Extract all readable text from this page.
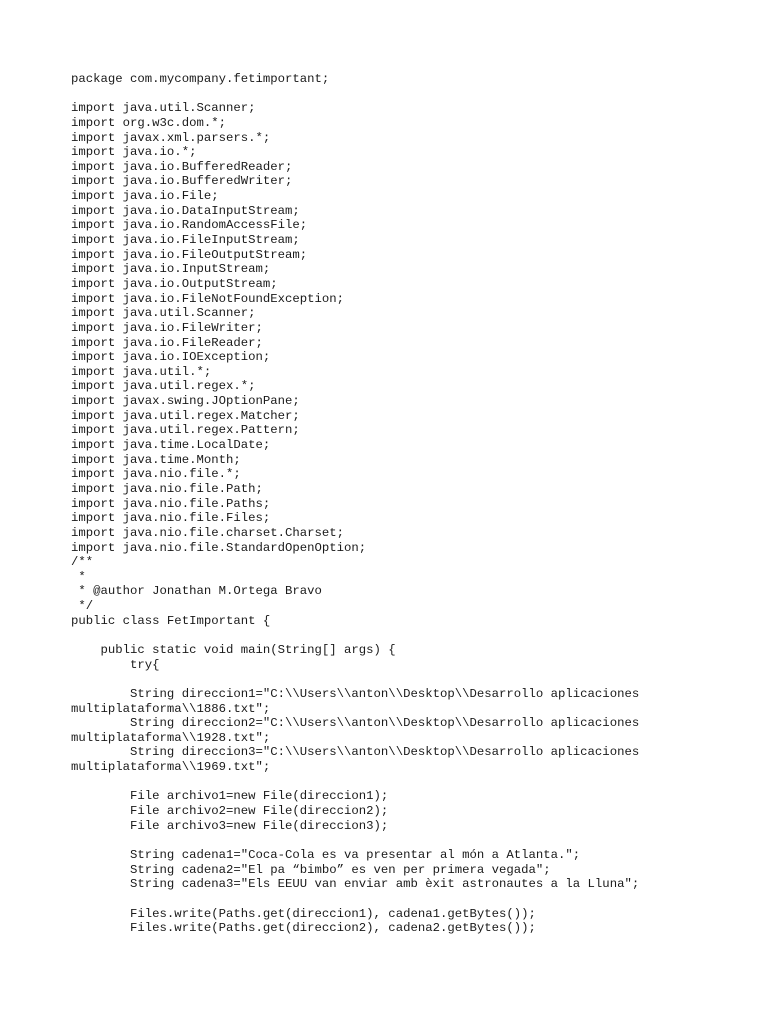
package com.mycompany.fetimportant;
import java.util.Scanner;
import org.w3c.dom.*;
import javax.xml.parsers.*;
import java.io.*;
import java.io.BufferedReader;
import java.io.BufferedWriter;
import java.io.File;
import java.io.DataInputStream;
import java.io.RandomAccessFile;
import java.io.FileInputStream;
import java.io.FileOutputStream;
import java.io.InputStream;
import java.io.OutputStream;
import java.io.FileNotFoundException;
import java.util.Scanner;
import java.io.FileWriter;
import java.io.FileReader;
import java.io.IOException;
import java.util.*;
import java.util.regex.*;
import javax.swing.JOptionPane;
import java.util.regex.Matcher;
import java.util.regex.Pattern;
import java.time.LocalDate;
import java.time.Month;
import java.nio.file.*;
import java.nio.file.Path;
import java.nio.file.Paths;
import java.nio.file.Files;
import java.nio.file.charset.Charset;
import java.nio.file.StandardOpenOption;
/**
*
* @author Jonathan M.Ortega Bravo
*/
public class FetImportant {
public static void main(String[] args) {
try{
String direccion1="C:\\Users\\anton\\Desktop\\Desarrollo aplicaciones
multiplataforma\\1886.txt";
String direccion2="C:\\Users\\anton\\Desktop\\Desarrollo aplicaciones
multiplataforma\\1928.txt";
String direccion3="C:\\Users\\anton\\Desktop\\Desarrollo aplicaciones
multiplataforma\\1969.txt";
File archivo1=new File(direccion1);
File archivo2=new File(direccion2);
File archivo3=new File(direccion3);
String cadena1="Coca-Cola es va presentar al món a Atlanta.";
String cadena2="El pa “bimbo” es ven per primera vegada";
String cadena3="Els EEUU van enviar amb èxit astronautes a la Lluna";
Files.write(Paths.get(direccion1), cadena1.getBytes());
Files.write(Paths.get(direccion2), cadena2.getBytes());
